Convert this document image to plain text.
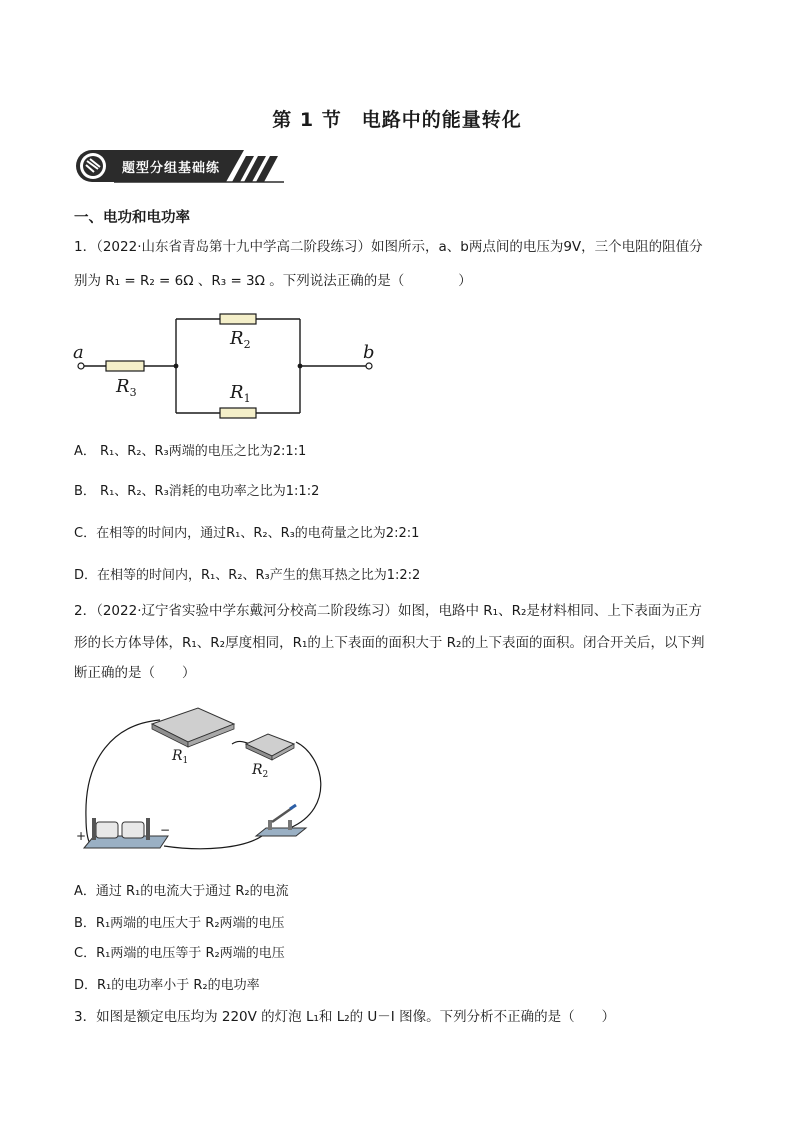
第 1 节　电路中的能量转化
题型分组基础练
一、电功和电功率
1．（2022·山东省青岛第十九中学高二阶段练习）如图所示，a、b两点间的电压为9V，三个电阻的阻值分
别为 R₁ = R₂ = 6Ω 、R₃ = 3Ω 。下列说法正确的是（　　　　）
a	b
$R_3$
$R_2$
$R_1$
A． R₁、R₂、R₃两端的电压之比为2:1:1
B． R₁、R₂、R₃消耗的电功率之比为1:1:2
C．在相等的时间内，通过R₁、R₂、R₃的电荷量之比为2:2:1
D．在相等的时间内，R₁、R₂、R₃产生的焦耳热之比为1:2:2
2．（2022·辽宁省实验中学东戴河分校高二阶段练习）如图，电路中 R₁、R₂是材料相同、上下表面为正方
形的长方体导体，R₁、R₂厚度相同，R₁的上下表面的面积大于 R₂的上下表面的面积。闭合开关后，以下判
断正确的是（　　）
$R_1$
$R_2$
+	−
A．通过 R₁的电流大于通过 R₂的电流
B．R₁两端的电压大于 R₂两端的电压
C．R₁两端的电压等于 R₂两端的电压
D．R₁的电功率小于 R₂的电功率
3．如图是额定电压均为 220V 的灯泡 L₁和 L₂的 U－I 图像。下列分析不正确的是（　　）
